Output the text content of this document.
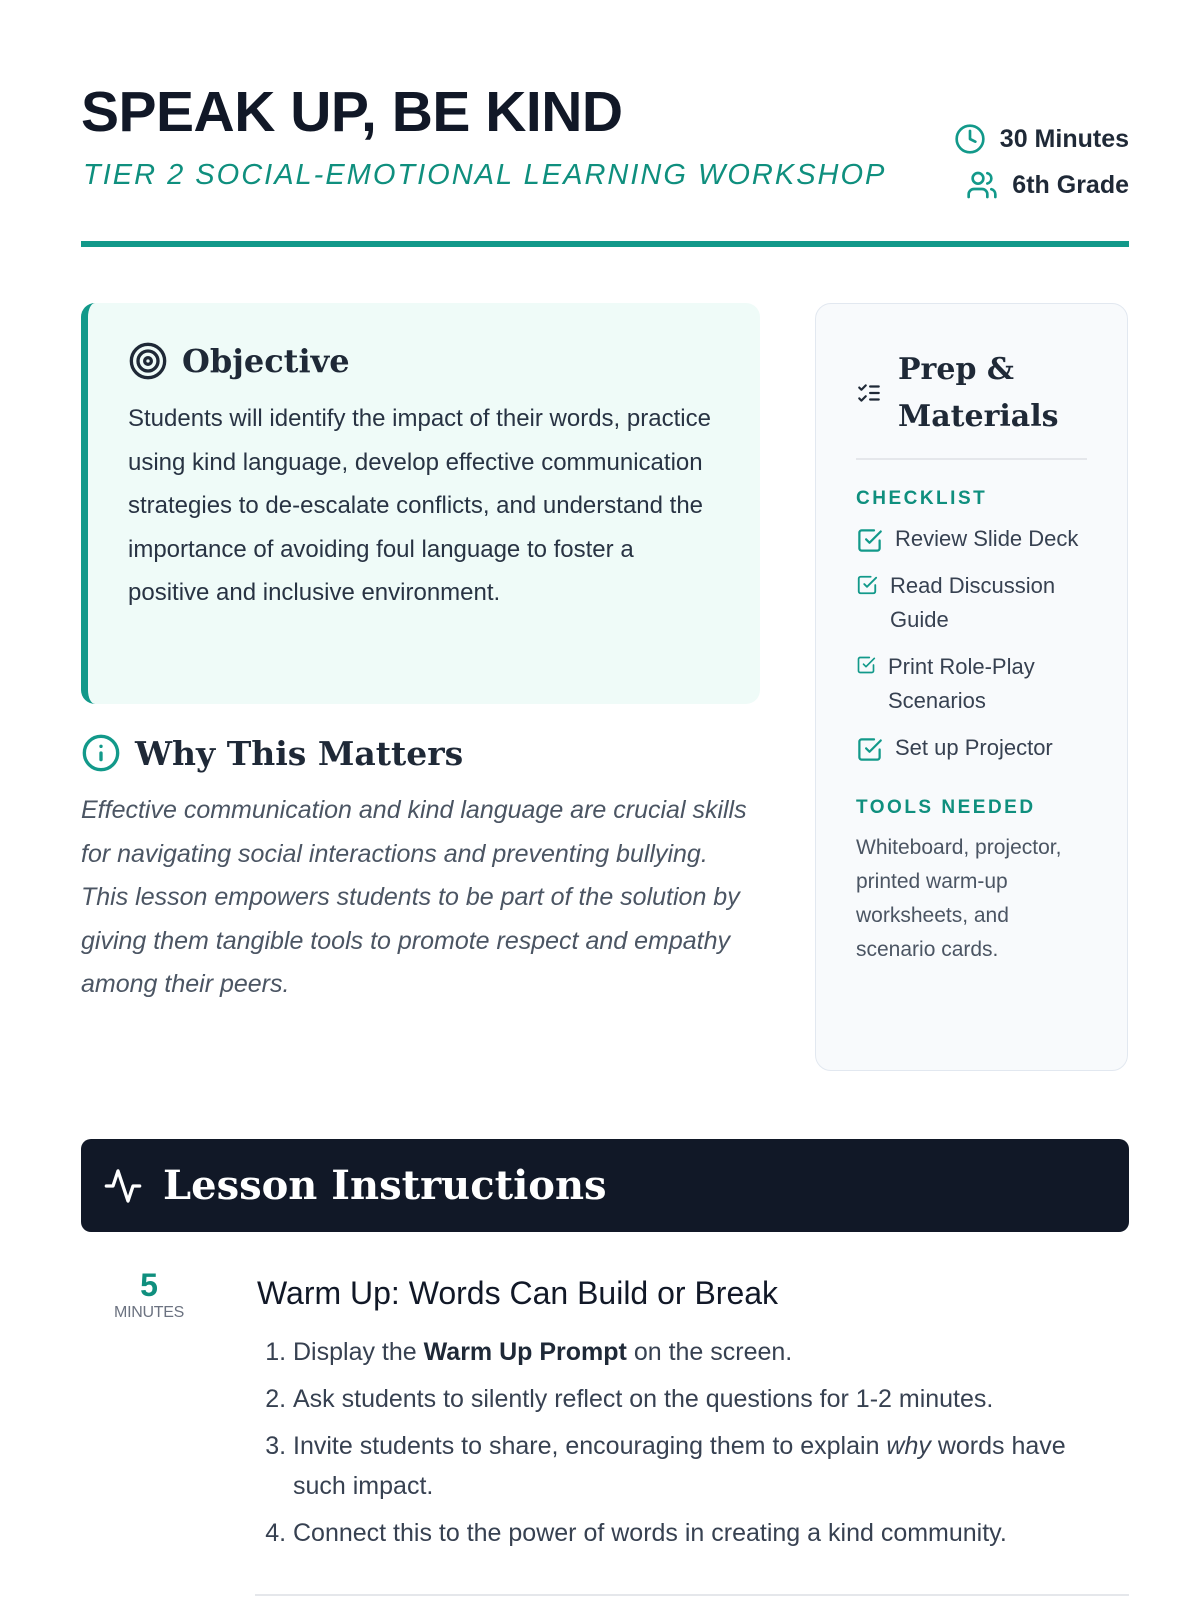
SPEAK UP, BE KIND
TIER 2 SOCIAL-EMOTIONAL LEARNING WORKSHOP
30 Minutes
6th Grade
Objective

Students will identify the impact of their words, practice using kind language, develop effective communication strategies to de-escalate conflicts, and understand the importance of avoiding foul language to foster a positive and inclusive environment.

Why This Matters

Effective communication and kind language are crucial skills for navigating social interactions and preventing bullying. This lesson empowers students to be part of the solution by giving them tangible tools to promote respect and empathy among their peers.

Prep &
Materials
CHECKLIST
Review Slide Deck
Read Discussion Guide
Print Role-Play Scenarios
Set up Projector
TOOLS NEEDED

Whiteboard, projector, printed warm-up worksheets, and scenario cards.

Lesson Instructions
5
MINUTES
Warm Up: Words Can Build or Break
1. Display the Warm Up Prompt on the screen.
2. Ask students to silently reflect on the questions for 1-2 minutes.
3. Invite students to share, encouraging them to explain why words have such impact.
4. Connect this to the power of words in creating a kind community.
